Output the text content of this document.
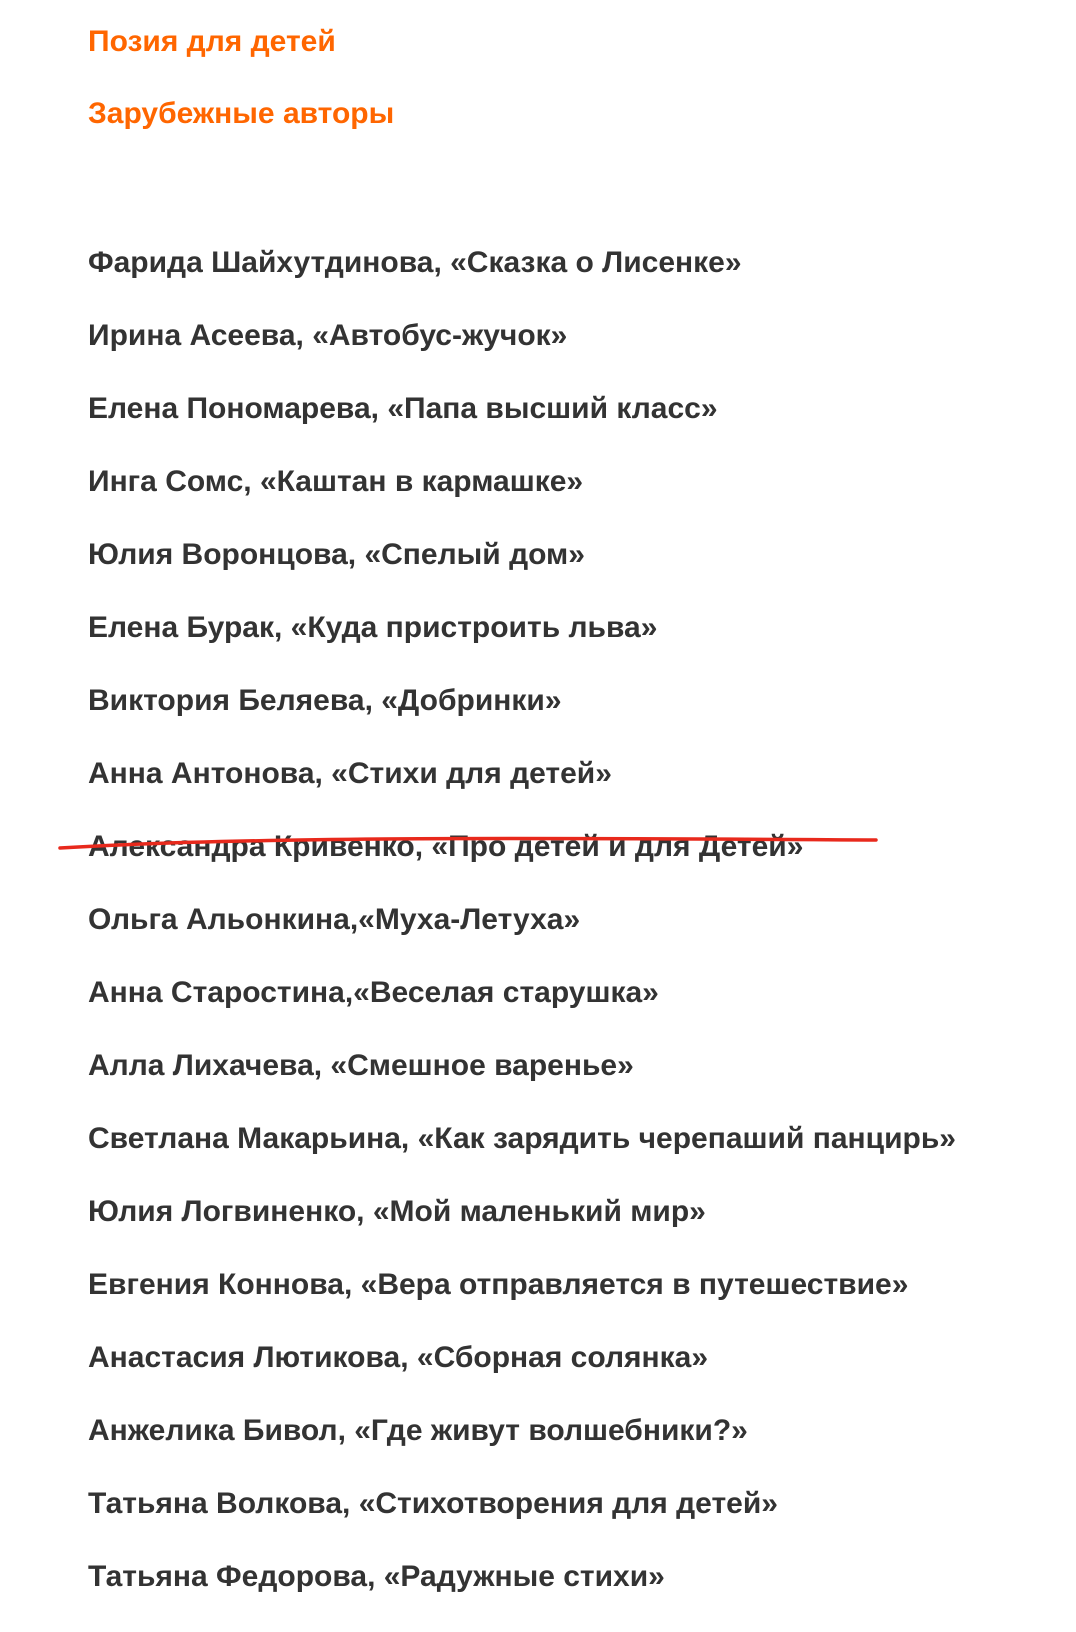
Позия для детей
Зарубежные авторы
Фарида Шайхутдинова, «Сказка о Лисенке»
Ирина Асеева, «Автобус-жучок»
Елена Пономарева, «Папа высший класс»
Инга Сомс, «Каштан в кармашке»
Юлия Воронцова, «Спелый дом»
Елена Бурак, «Куда пристроить льва»
Виктория Беляева, «Добринки»
Анна Антонова, «Стихи для детей»
Александра Кривенко, «Про детей и для Детей»
Ольга Альонкина,«Муха-Летуха»
Анна Старостина,«Веселая старушка»
Алла Лихачева, «Смешное варенье»
Светлана Макарьина, «Как зарядить черепаший панцирь»
Юлия Логвиненко, «Мой маленький мир»
Евгения Коннова, «Вера отправляется в путешествие»
Анастасия Лютикова, «Сборная солянка»
Анжелика Бивол, «Где живут волшебники?»
Татьяна Волкова, «Стихотворения для детей»
Татьяна Федорова, «Радужные стихи»
